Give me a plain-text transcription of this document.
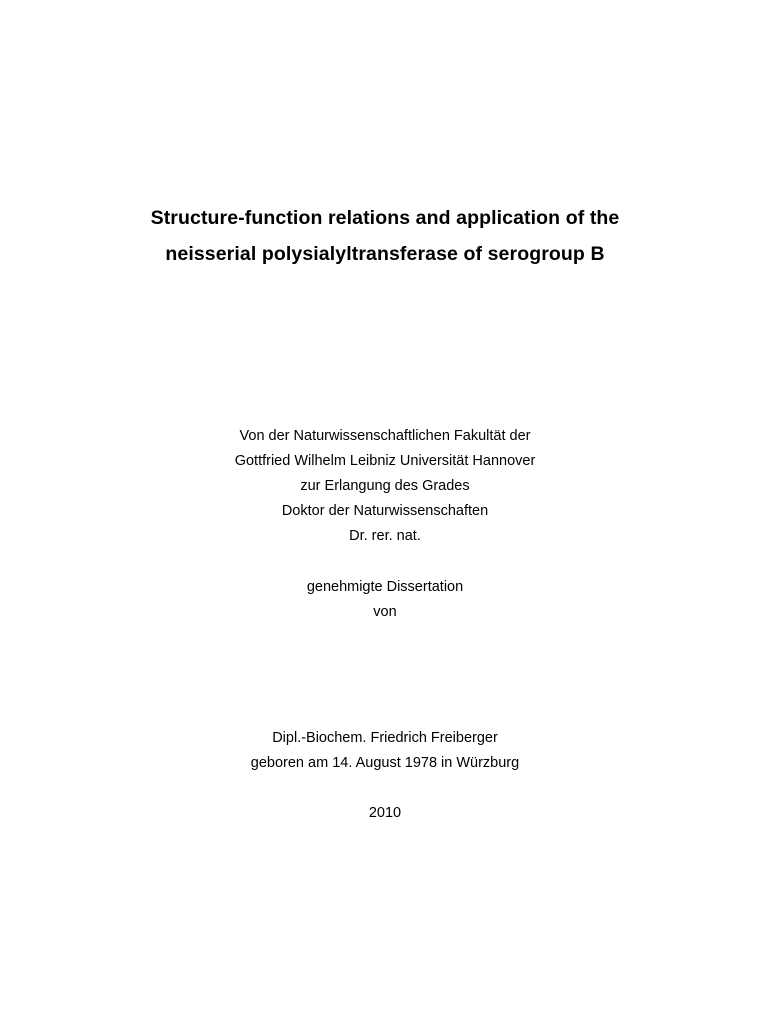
Structure-function relations and application of the
neisserial polysialyltransferase of serogroup B
Von der Naturwissenschaftlichen Fakultät der
Gottfried Wilhelm Leibniz Universität Hannover
zur Erlangung des Grades
Doktor der Naturwissenschaften
Dr. rer. nat.
genehmigte Dissertation
von
Dipl.-Biochem. Friedrich Freiberger
geboren am 14. August 1978 in Würzburg
2010
